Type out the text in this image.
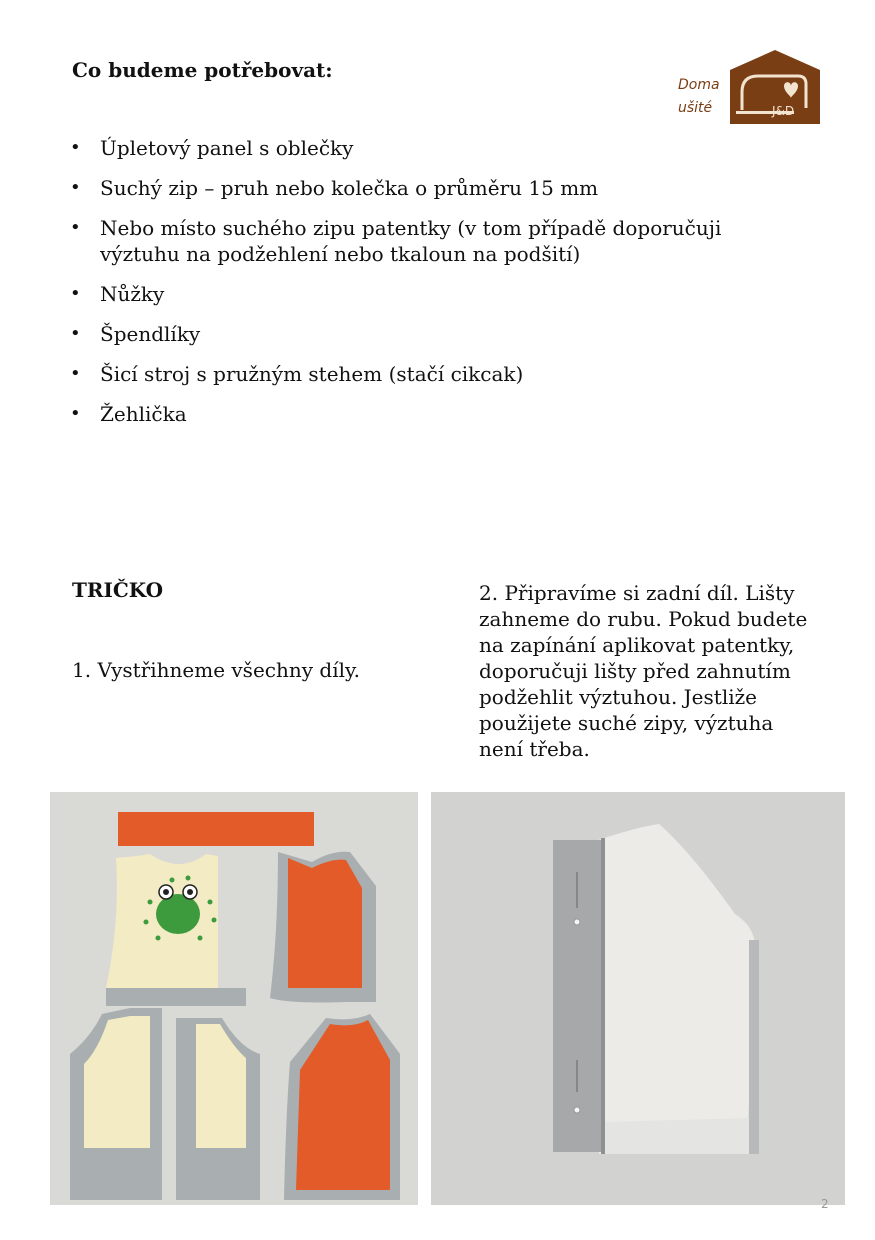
Co budeme potřebovat:
Doma
ušité	J&D
• Úpletový panel s oblečky
• Suchý zip – pruh nebo kolečka o průměru 15 mm
• Nebo místo suchého zipu patentky (v tom případě doporučuji výztuhu na podžehlení nebo tkaloun na podšití)
• Nůžky
• Špendlíky
• Šicí stroj s pružným stehem (stačí cikcak)
• Žehlička
TRIČKO

1. Vystřihneme všechny díly.

2. Připravíme si zadní díl. Lišty zahneme do rubu. Pokud budete na zapínání aplikovat patentky, doporučuji lišty před zahnutím podžehlit výztuhou. Jestliže použijete suché zipy, výztuha není třeba.

2
